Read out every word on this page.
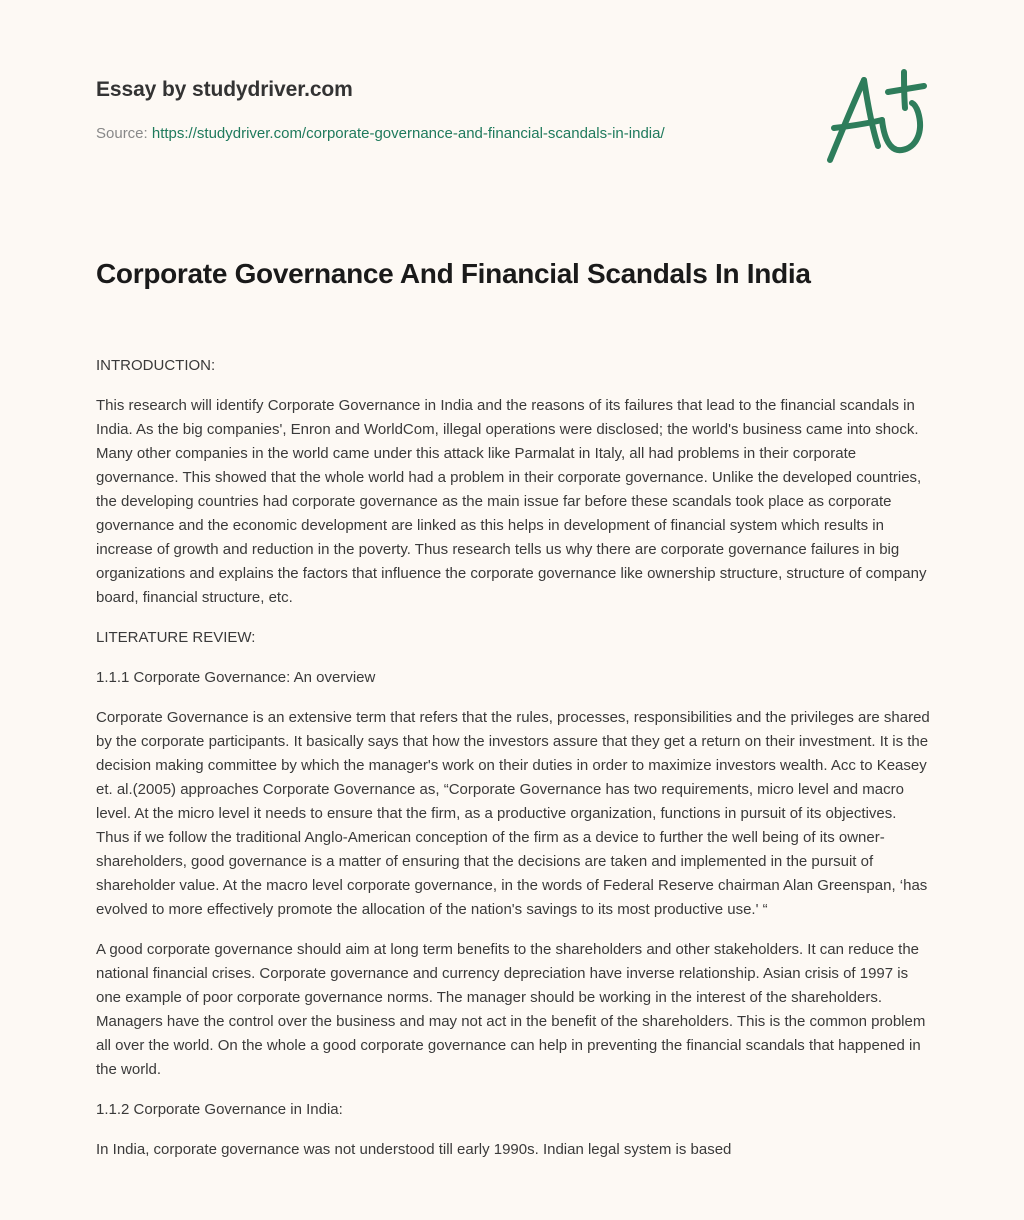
Essay by studydriver.com
Source: https://studydriver.com/corporate-governance-and-financial-scandals-in-india/
Corporate Governance And Financial Scandals In India

INTRODUCTION:

This research will identify Corporate Governance in India and the reasons of its failures that lead to the financial scandals in India. As the big companies', Enron and WorldCom, illegal operations were disclosed; the world's business came into shock. Many other companies in the world came under this attack like Parmalat in Italy, all had problems in their corporate governance. This showed that the whole world had a problem in their corporate governance. Unlike the developed countries, the developing countries had corporate governance as the main issue far before these scandals took place as corporate governance and the economic development are linked as this helps in development of financial system which results in increase of growth and reduction in the poverty. Thus research tells us why there are corporate governance failures in big organizations and explains the factors that influence the corporate governance like ownership structure, structure of company board, financial structure, etc.

LITERATURE REVIEW:

1.1.1 Corporate Governance: An overview

Corporate Governance is an extensive term that refers that the rules, processes, responsibilities and the privileges are shared by the corporate participants. It basically says that how the investors assure that they get a return on their investment. It is the decision making committee by which the manager's work on their duties in order to maximize investors wealth. Acc to Keasey et. al.(2005) approaches Corporate Governance as, “Corporate Governance has two requirements, micro level and macro level. At the micro level it needs to ensure that the firm, as a productive organization, functions in pursuit of its objectives. Thus if we follow the traditional Anglo-American conception of the firm as a device to further the well being of its owner-shareholders, good governance is a matter of ensuring that the decisions are taken and implemented in the pursuit of shareholder value. At the macro level corporate governance, in the words of Federal Reserve chairman Alan Greenspan, ‘has evolved to more effectively promote the allocation of the nation's savings to its most productive use.' “

A good corporate governance should aim at long term benefits to the shareholders and other stakeholders. It can reduce the national financial crises. Corporate governance and currency depreciation have inverse relationship. Asian crisis of 1997 is one example of poor corporate governance norms. The manager should be working in the interest of the shareholders. Managers have the control over the business and may not act in the benefit of the shareholders. This is the common problem all over the world. On the whole a good corporate governance can help in preventing the financial scandals that happened in the world.

1.1.2 Corporate Governance in India:

In India, corporate governance was not understood till early 1990s. Indian legal system is based
